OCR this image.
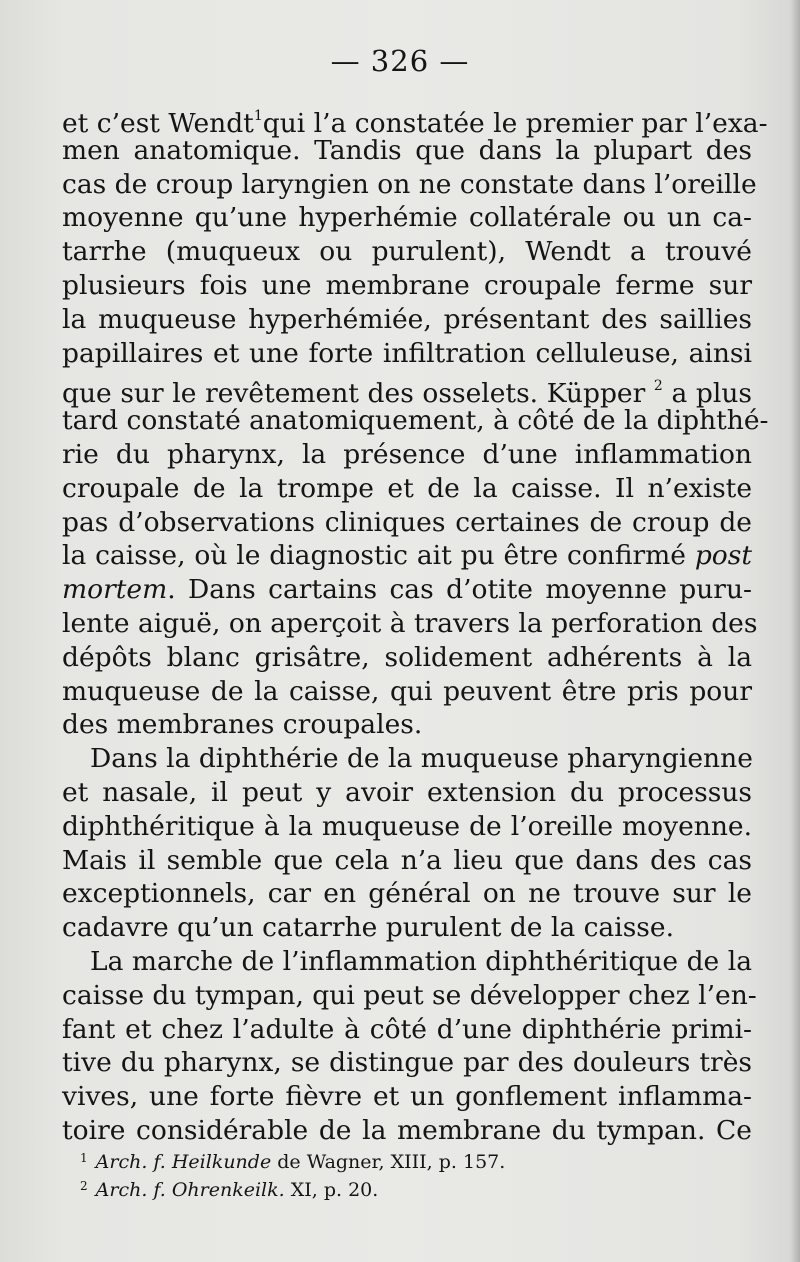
— 326 —
et c’est Wendt$^1$qui l’a constatée le premier par l’exa-
men anatomique. Tandis que dans la plupart des
cas de croup laryngien on ne constate dans l’oreille
moyenne qu’une hyperhémie collatérale ou un ca-
tarrhe (muqueux ou purulent), Wendt a trouvé
plusieurs fois une membrane croupale ferme sur
la muqueuse hyperhémiée, présentant des saillies
papillaires et une forte infiltration celluleuse, ainsi
que sur le revêtement des osselets. Küpper $^2$ a plus
tard constaté anatomiquement, à côté de la diphthé-
rie du pharynx, la présence d’une inflammation
croupale de la trompe et de la caisse. Il n’existe
pas d’observations cliniques certaines de croup de
la caisse, où le diagnostic ait pu être confirmé post
mortem. Dans cartains cas d’otite moyenne puru-
lente aiguë, on aperçoit à travers la perforation des
dépôts blanc grisâtre, solidement adhérents à la
muqueuse de la caisse, qui peuvent être pris pour
des membranes croupales.
Dans la diphthérie de la muqueuse pharyngienne
et nasale, il peut y avoir extension du processus
diphthéritique à la muqueuse de l’oreille moyenne.
Mais il semble que cela n’a lieu que dans des cas
exceptionnels, car en général on ne trouve sur le
cadavre qu’un catarrhe purulent de la caisse.
La marche de l’inflammation diphthéritique de la
caisse du tympan, qui peut se développer chez l’en-
fant et chez l’adulte à côté d’une diphthérie primi-
tive du pharynx, se distingue par des douleurs très
vives, une forte fièvre et un gonflement inflamma-
toire considérable de la membrane du tympan. Ce
$^1$ Arch. f. Heilkunde de Wagner, XIII, p. 157.
$^2$ Arch. f. Ohrenkeilk. XI, p. 20.
